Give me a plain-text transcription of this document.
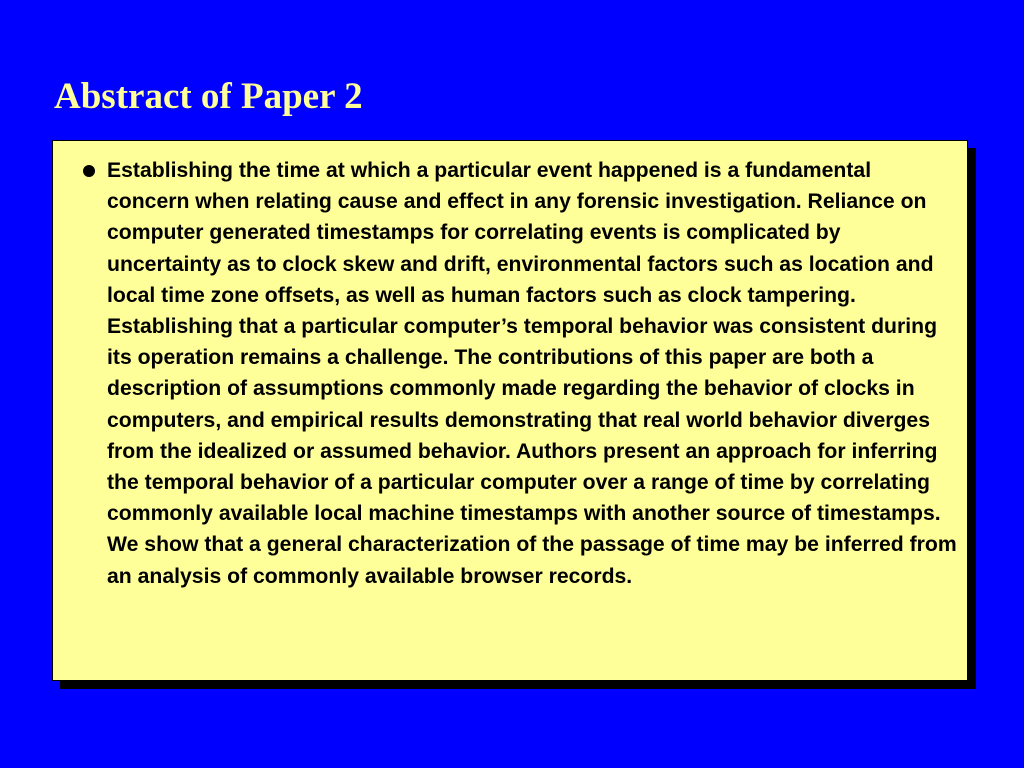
Abstract of Paper 2

Establishing the time at which a particular event happened is a fundamental concern when relating cause and effect in any forensic investigation. Reliance on computer generated timestamps for correlating events is complicated by uncertainty as to clock skew and drift, environmental factors such as location and local time zone offsets, as well as human factors such as clock tampering. Establishing that a particular computer’s temporal behavior was consistent during its operation remains a challenge. The contributions of this paper are both a description of assumptions commonly made regarding the behavior of clocks in computers, and empirical results demonstrating that real world behavior diverges from the idealized or assumed behavior. Authors present an approach for inferring the temporal behavior of a particular computer over a range of time by correlating commonly available local machine timestamps with another source of timestamps. We show that a general characterization of the passage of time may be inferred from an analysis of commonly available browser records.
